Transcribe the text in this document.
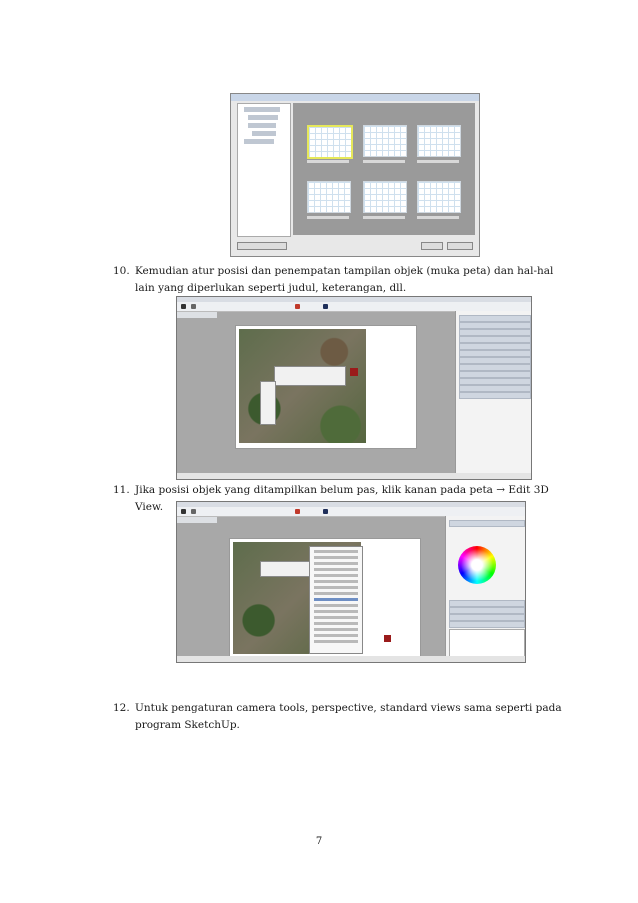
10. Kemudian atur posisi dan penempatan tampilan objek (muka peta) dan hal-hal lain yang diperlukan seperti judul, keterangan, dll.
11. Jika posisi objek yang ditampilkan belum pas, klik kanan pada peta → Edit 3D View.
12. Untuk pengaturan camera tools, perspective, standard views sama seperti pada program SketchUp.
7
